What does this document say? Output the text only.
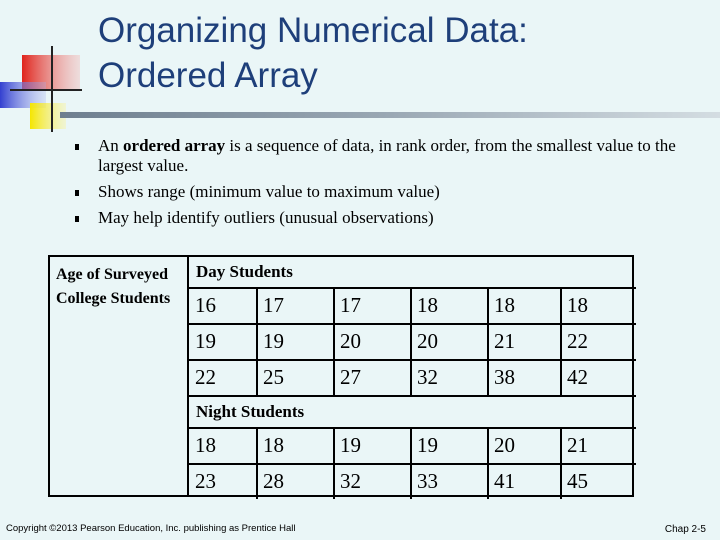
Organizing Numerical Data:
Ordered Array
An ordered array is a sequence of data, in rank order, from the smallest value to the largest value.
Shows range (minimum value to maximum value)
May help identify outliers (unusual observations)
Age of Surveyed College Students
Day Students
16	17	17	18	18	18
19	19	20	20	21	22
22	25	27	32	38	42
Night Students
18	18	19	19	20	21
23	28	32	33	41	45
Copyright ©2013 Pearson Education, Inc. publishing as Prentice Hall	Chap 2-5
